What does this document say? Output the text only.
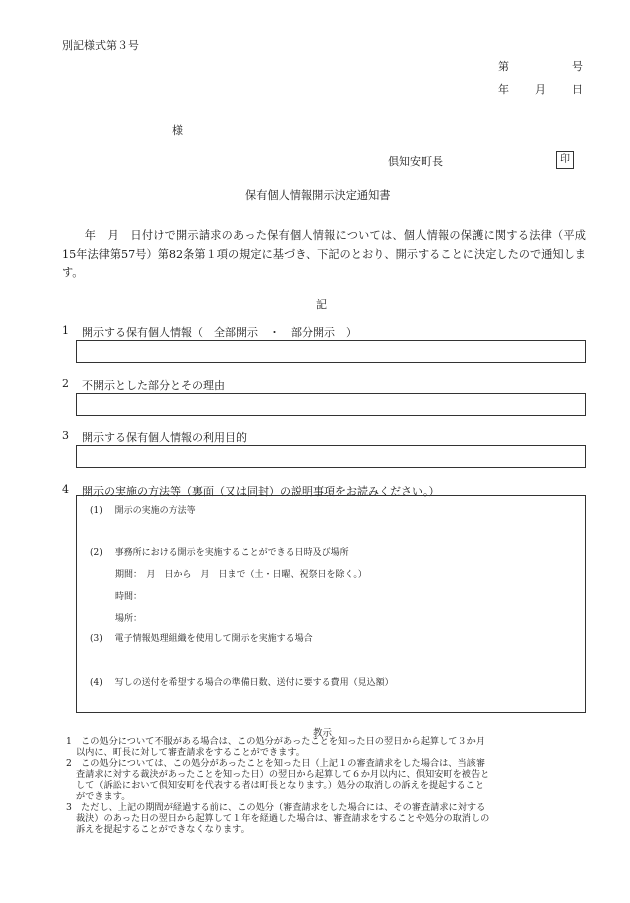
別記様式第３号
第	号
年 月 日
様
倶知安町長	印
保有個人情報開示決定通知書
　　年　月　日付けで開示請求のあった保有個人情報については、個人情報の保護に関する法律（平成15年法律第57号）第82条第１項の規定に基づき、下記のとおり、開示することに決定したので通知します。
記
1 開示する保有個人情報（　全部開示　・　部分開示　）
2 不開示とした部分とその理由
3 開示する保有個人情報の利用目的
4 開示の実施の方法等（裏面（又は同封）の説明事項をお読みください。）
(1)　 開示の実施の方法等
(2)　 事務所における開示を実施することができる日時及び場所
期間：　月　日から　月　日まで（土・日曜、祝祭日を除く。）
時間：
場所：
(3)　 電子情報処理組織を使用して開示を実施する場合
(4)　 写しの送付を希望する場合の準備日数、送付に要する費用（見込額）
教示
1　この処分について不服がある場合は、この処分があったことを知った日の翌日から起算して３か月
以内に、町長に対して審査請求をすることができます。
2　この処分については、この処分があったことを知った日（上記１の審査請求をした場合は、当該審
査請求に対する裁決があったことを知った日）の翌日から起算して６か月以内に、倶知安町を被告と
して（訴訟において倶知安町を代表する者は町長となります。）処分の取消しの訴えを提起すること
ができます。
3　ただし、上記の期間が経過する前に、この処分（審査請求をした場合には、その審査請求に対する
裁決）のあった日の翌日から起算して１年を経過した場合は、審査請求をすることや処分の取消しの
訴えを提起することができなくなります。
